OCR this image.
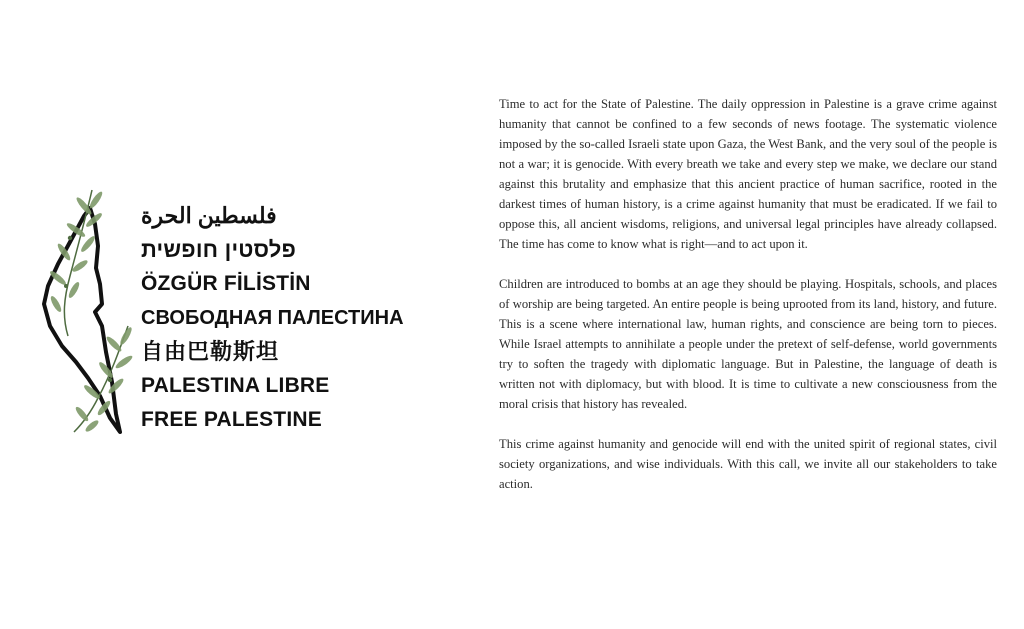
فلسطين الحرة
פלסטין חופשית
ÖZGÜR FİLİSTİN
СВОБОДНАЯ ПАЛЕСТИНА
自由巴勒斯坦
PALESTINA LIBRE
FREE PALESTINE

Time to act for the State of Palestine. The daily oppression in Palestine is a grave crime against humanity that cannot be confined to a few seconds of news footage. The systematic violence imposed by the so-called Israeli state upon Gaza, the West Bank, and the very soul of the people is not a war; it is genocide. With every breath we take and every step we make, we declare our stand against this brutality and emphasize that this ancient practice of human sacrifice, rooted in the darkest times of human history, is a crime against humanity that must be eradicated. If we fail to oppose this, all ancient wisdoms, religions, and universal legal principles have already collapsed. The time has come to know what is right—and to act upon it.

Children are introduced to bombs at an age they should be playing. Hospitals, schools, and places of worship are being targeted. An entire people is being uprooted from its land, history, and future. This is a scene where international law, human rights, and conscience are being torn to pieces. While Israel attempts to annihilate a people under the pretext of self-defense, world governments try to soften the tragedy with diplomatic language. But in Palestine, the language of death is written not with diplomacy, but with blood. It is time to cultivate a new consciousness from the moral crisis that history has revealed.

This crime against humanity and genocide will end with the united spirit of regional states, civil society organizations, and wise individuals. With this call, we invite all our stakeholders to take action.
